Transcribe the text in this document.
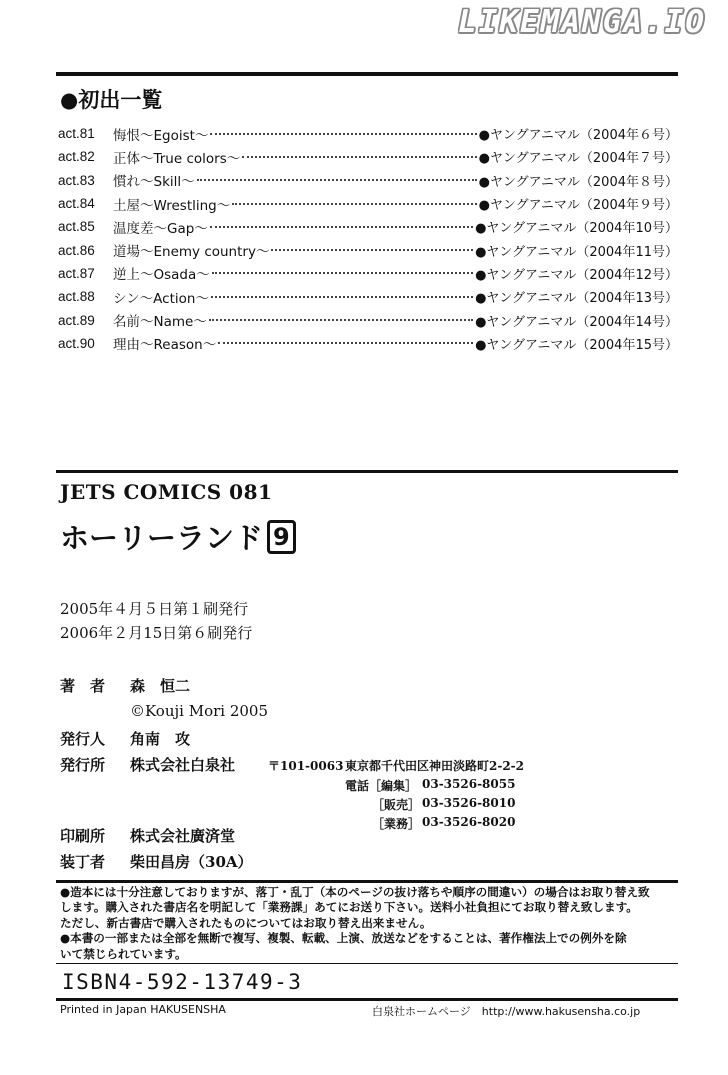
LIKEMANGA.IO
●初出一覧
act.81	悔恨〜Egoist〜	●ヤングアニマル（2004年６号）
act.82	正体〜True colors〜	●ヤングアニマル（2004年７号）
act.83	慣れ〜Skill〜	●ヤングアニマル（2004年８号）
act.84	土屋〜Wrestling〜	●ヤングアニマル（2004年９号）
act.85	温度差〜Gap〜	●ヤングアニマル（2004年10号）
act.86	道場〜Enemy country〜	●ヤングアニマル（2004年11号）
act.87	逆上〜Osada〜	●ヤングアニマル（2004年12号）
act.88	シン〜Action〜	●ヤングアニマル（2004年13号）
act.89	名前〜Name〜	●ヤングアニマル（2004年14号）
act.90	理由〜Reason〜	●ヤングアニマル（2004年15号）
JETS COMICS 081
ホーリーランド 9
2005年４月５日第１刷発行
2006年２月15日第６刷発行
著　者 森　恒二
©Kouji Mori 2005
発行人 角南　攻
発行所 株式会社白泉社	〒101-0063 東京都千代田区神田淡路町2-2-2
電話［編集］ 03-3526-8055
［販売］ 03-3526-8010
［業務］ 03-3526-8020
印刷所 株式会社廣済堂
装丁者 柴田昌房（30A）
●造本には十分注意しておりますが、落丁・乱丁（本のページの抜け落ちや順序の間違い）の場合はお取り替え致
します。購入された書店名を明記して「業務課」あてにお送り下さい。送料小社負担にてお取り替え致します。
ただし、新古書店で購入されたものについてはお取り替え出来ません。
●本書の一部または全部を無断で複写、複製、転載、上演、放送などをすることは、著作権法上での例外を除
いて禁じられています。
ISBN4-592-13749-3
Printed in Japan HAKUSENSHA	白泉社ホームページ　http://www.hakusensha.co.jp
